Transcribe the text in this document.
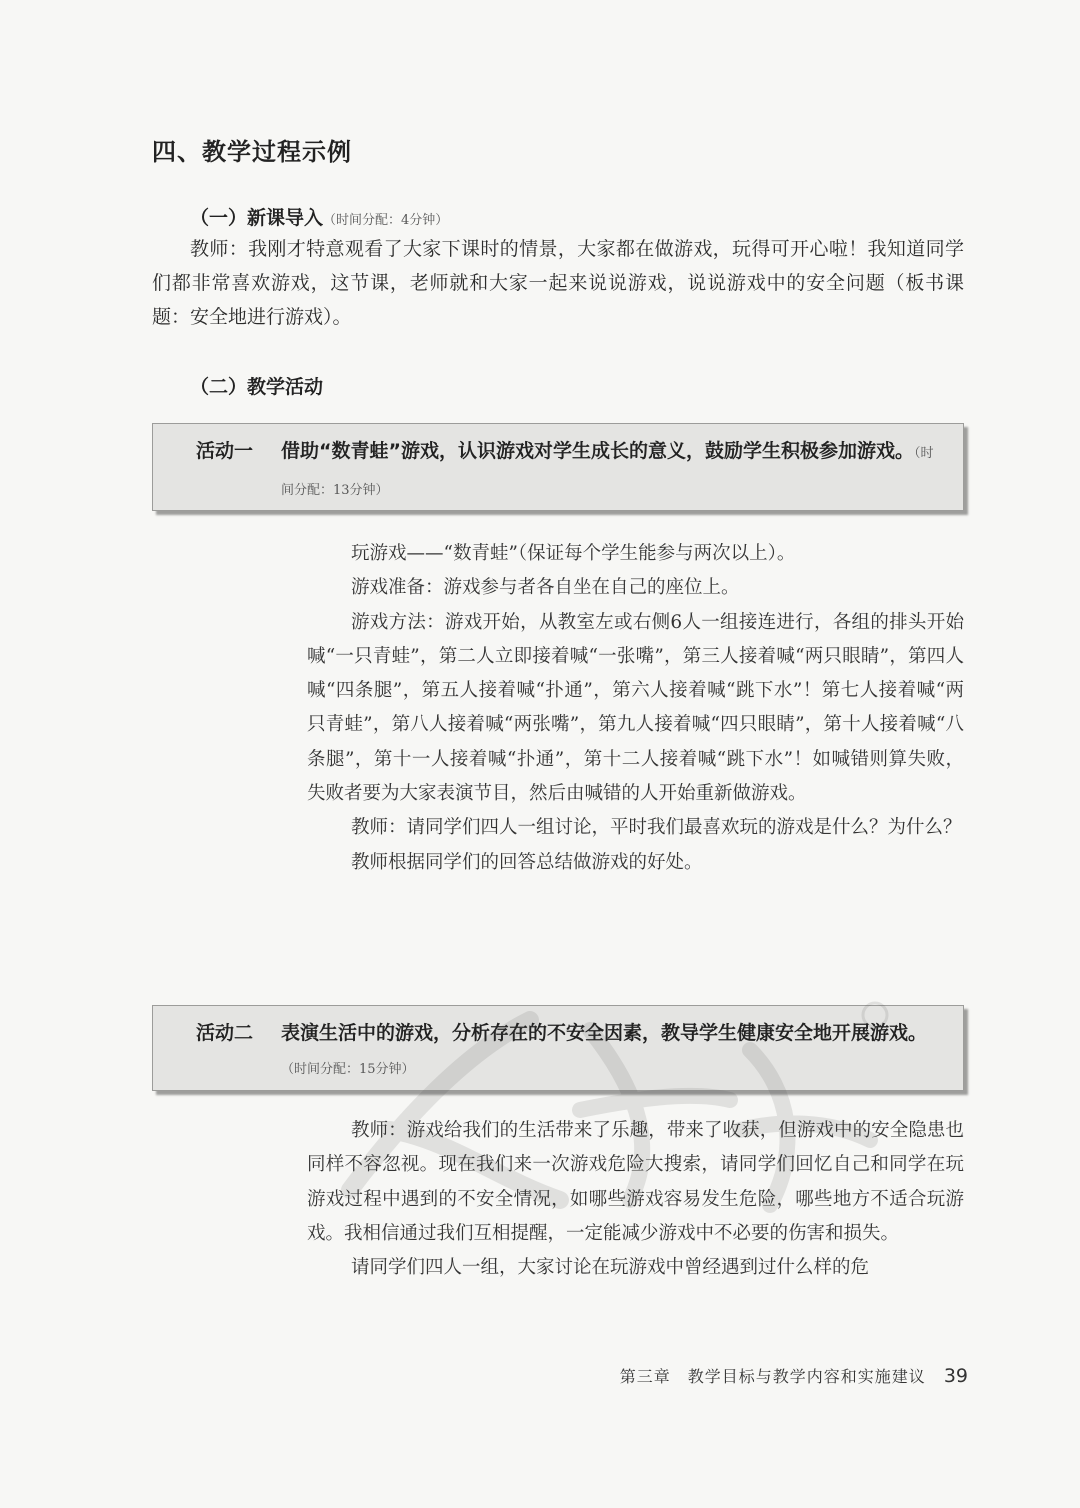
四、教学过程示例
（一）新课导入（时间分配：4分钟）
教师：我刚才特意观看了大家下课时的情景，大家都在做游戏，玩得可开心啦！我知道同学们都非常喜欢游戏，这节课，老师就和大家一起来说说游戏，说说游戏中的安全问题（板书课题：安全地进行游戏）。
（二）教学活动
活动一 借助“数青蛙”游戏，认识游戏对学生成长的意义，鼓励学生积极参加游戏。（时间分配：13分钟）
玩游戏——“数青蛙”（保证每个学生能参与两次以上）。
游戏准备：游戏参与者各自坐在自己的座位上。
游戏方法：游戏开始，从教室左或右侧6人一组接连进行，各组的排头开始喊“一只青蛙”，第二人立即接着喊“一张嘴”，第三人接着喊“两只眼睛”，第四人喊“四条腿”，第五人接着喊“扑通”，第六人接着喊“跳下水”！第七人接着喊“两只青蛙”，第八人接着喊“两张嘴”，第九人接着喊“四只眼睛”，第十人接着喊“八条腿”，第十一人接着喊“扑通”，第十二人接着喊“跳下水”！如喊错则算失败，失败者要为大家表演节目，然后由喊错的人开始重新做游戏。
教师：请同学们四人一组讨论，平时我们最喜欢玩的游戏是什么？为什么？
教师根据同学们的回答总结做游戏的好处。
活动二 表演生活中的游戏，分析存在的不安全因素，教导学生健康安全地开展游戏。（时间分配：15分钟）
教师：游戏给我们的生活带来了乐趣，带来了收获，但游戏中的安全隐患也同样不容忽视。现在我们来一次游戏危险大搜索，请同学们回忆自己和同学在玩游戏过程中遇到的不安全情况，如哪些游戏容易发生危险，哪些地方不适合玩游戏。我相信通过我们互相提醒，一定能减少游戏中不必要的伤害和损失。
请同学们四人一组，大家讨论在玩游戏中曾经遇到过什么样的危
第三章　教学目标与教学内容和实施建议 39
